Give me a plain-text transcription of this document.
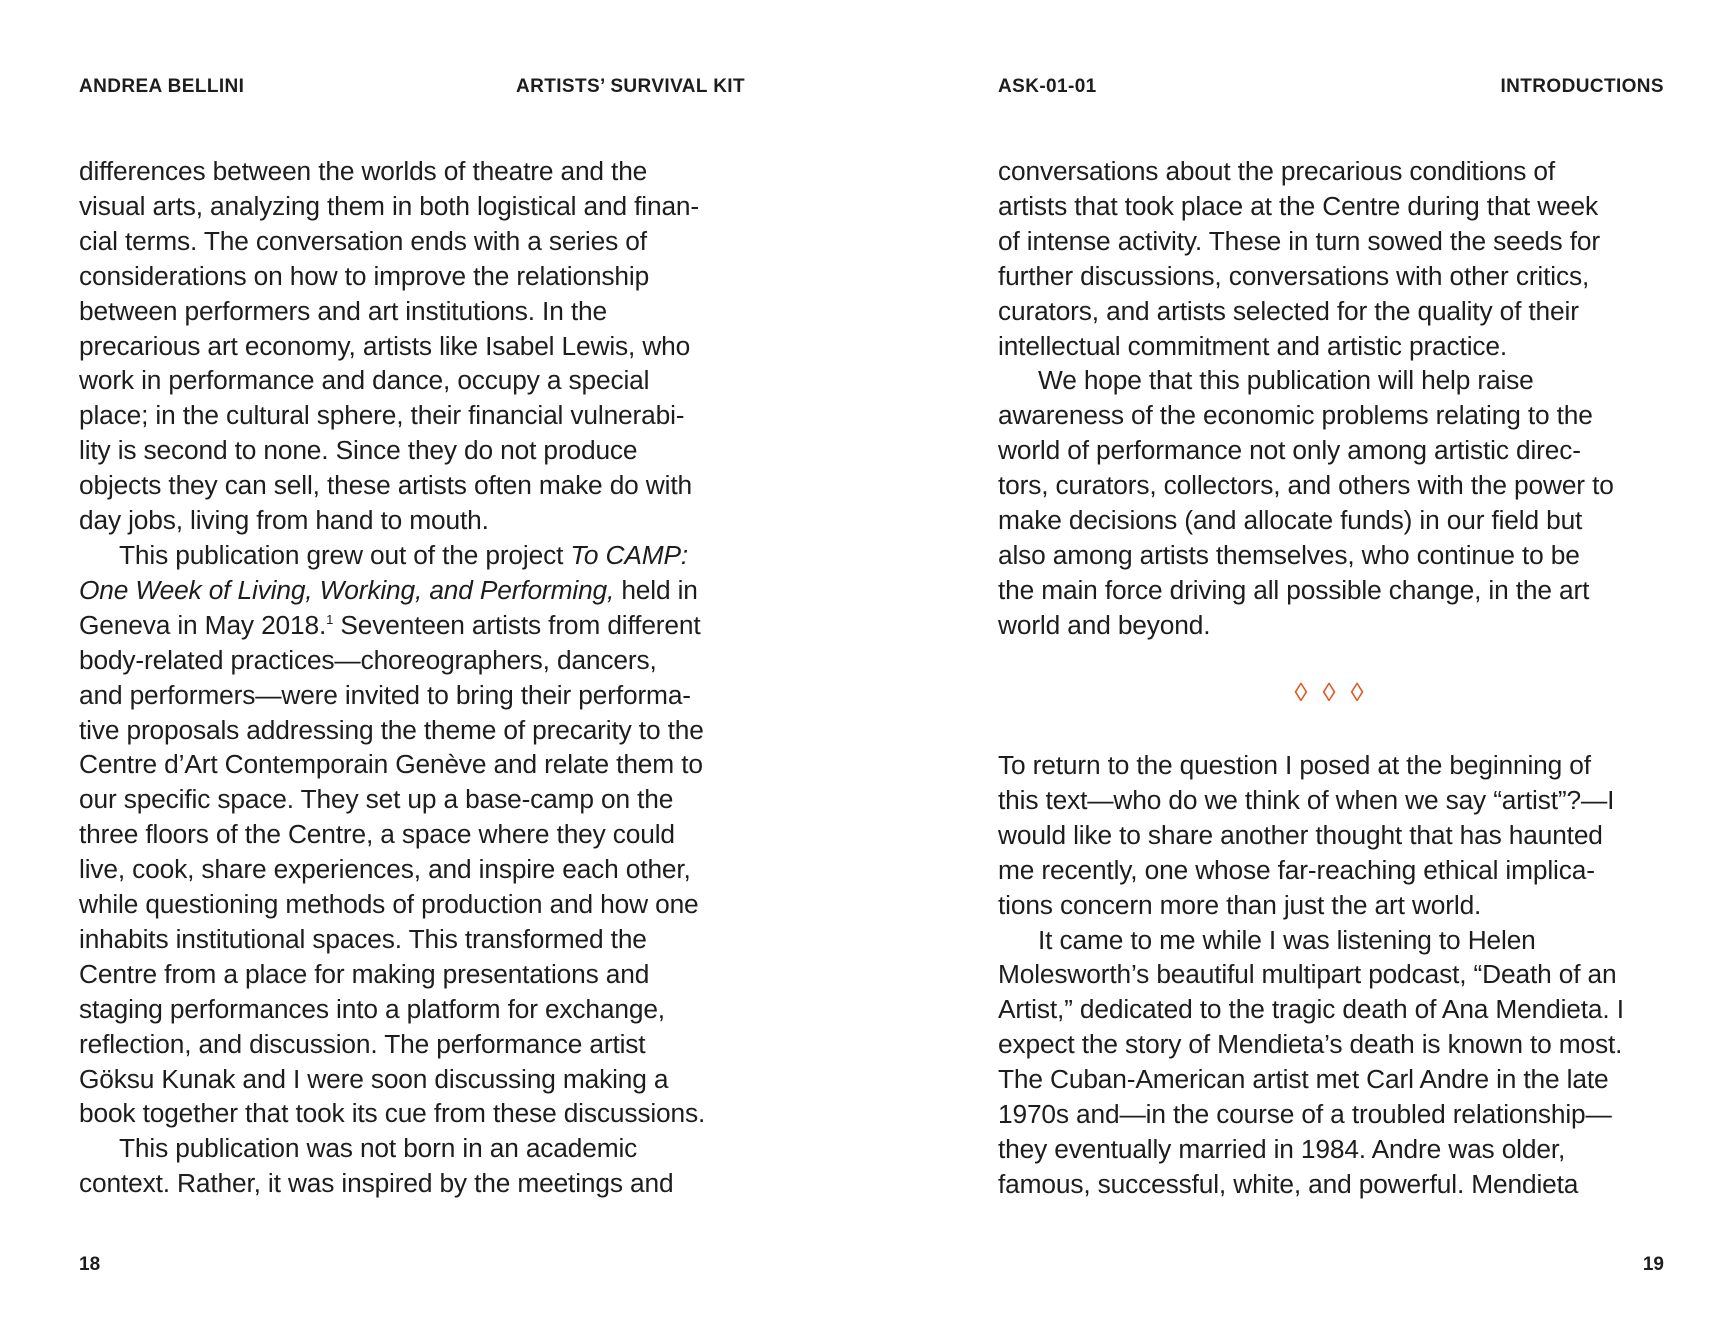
ANDREA BELLINI	ARTISTS’ SURVIVAL KIT
differences between the worlds of theatre and the
visual arts, analyzing them in both logistical and finan-
cial terms. The conversation ends with a series of
considerations on how to improve the relationship
between performers and art institutions. In the
precarious art economy, artists like Isabel Lewis, who
work in performance and dance, occupy a special
place; in the cultural sphere, their financial vulnerabi-
lity is second to none. Since they do not produce
objects they can sell, these artists often make do with
day jobs, living from hand to mouth.
This publication grew out of the project To CAMP:
One Week of Living, Working, and Performing, held in
Geneva in May 2018.$^1$ Seventeen artists from different
body-related practices—choreographers, dancers,
and performers—were invited to bring their performa-
tive proposals addressing the theme of precarity to the
Centre d’Art Contemporain Genève and relate them to
our specific space. They set up a base-camp on the
three floors of the Centre, a space where they could
live, cook, share experiences, and inspire each other,
while questioning methods of production and how one
inhabits institutional spaces. This transformed the
Centre from a place for making presentations and
staging performances into a platform for exchange,
reflection, and discussion. The performance artist
Göksu Kunak and I were soon discussing making a
book together that took its cue from these discussions.
This publication was not born in an academic
context. Rather, it was inspired by the meetings and
18
ASK-01-01	INTRODUCTIONS
conversations about the precarious conditions of
artists that took place at the Centre during that week
of intense activity. These in turn sowed the seeds for
further discussions, conversations with other critics,
curators, and artists selected for the quality of their
intellectual commitment and artistic practice.
We hope that this publication will help raise
awareness of the economic problems relating to the
world of performance not only among artistic direc-
tors, curators, collectors, and others with the power to
make decisions (and allocate funds) in our field but
also among artists themselves, who continue to be
the main force driving all possible change, in the art
world and beyond.
◊ ◊ ◊
To return to the question I posed at the beginning of
this text—who do we think of when we say “artist”?—I
would like to share another thought that has haunted
me recently, one whose far-reaching ethical implica-
tions concern more than just the art world.
It came to me while I was listening to Helen
Molesworth’s beautiful multipart podcast, “Death of an
Artist,” dedicated to the tragic death of Ana Mendieta. I
expect the story of Mendieta’s death is known to most.
The Cuban-American artist met Carl Andre in the late
1970s and—in the course of a troubled relationship—
they eventually married in 1984. Andre was older,
famous, successful, white, and powerful. Mendieta
19
